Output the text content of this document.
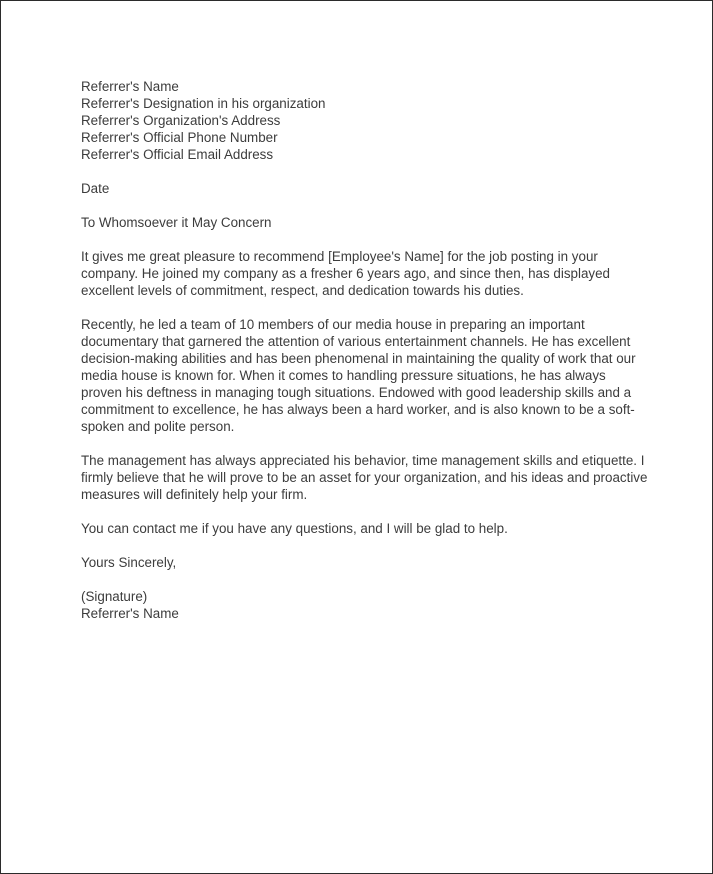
Referrer's Name
Referrer's Designation in his organization
Referrer's Organization's Address
Referrer's Official Phone Number
Referrer's Official Email Address

Date

To Whomsoever it May Concern

It gives me great pleasure to recommend [Employee's Name] for the job posting in your
company. He joined my company as a fresher 6 years ago, and since then, has displayed
excellent levels of commitment, respect, and dedication towards his duties.

Recently, he led a team of 10 members of our media house in preparing an important
documentary that garnered the attention of various entertainment channels. He has excellent
decision-making abilities and has been phenomenal in maintaining the quality of work that our
media house is known for. When it comes to handling pressure situations, he has always
proven his deftness in managing tough situations. Endowed with good leadership skills and a
commitment to excellence, he has always been a hard worker, and is also known to be a soft-
spoken and polite person.

The management has always appreciated his behavior, time management skills and etiquette. I
firmly believe that he will prove to be an asset for your organization, and his ideas and proactive
measures will definitely help your firm.

You can contact me if you have any questions, and I will be glad to help.

Yours Sincerely,

(Signature)
Referrer's Name
